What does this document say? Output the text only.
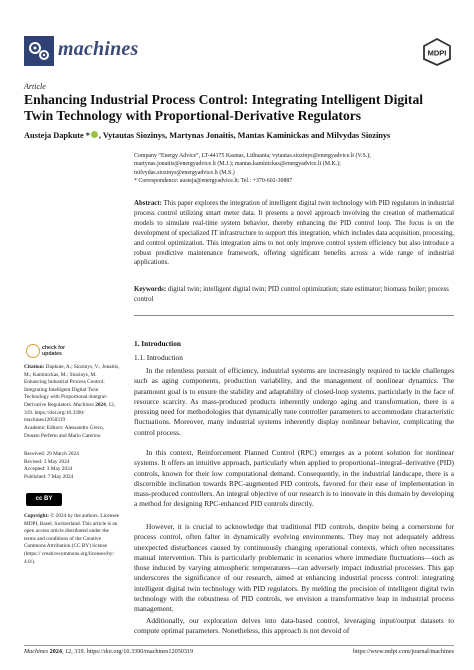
machines	MDPI
Article
Enhancing Industrial Process Control: Integrating Intelligent Digital Twin Technology with Proportional-Derivative Regulators
Austeja Dapkute * , Vytautas Siozinys, Martynas Jonaitis, Mantas Kaminickas and Milvydas Siozinys
Company “Energy Advice”, LT-44175 Kaunas, Lithuania; vytautas.siozinys@energyadvice.lt (V.S.);
martynas.jonaitis@energyadvice.lt (M.J.); mantas.kaminickas@energyadvice.lt (M.K.);
milvydas.siozinys@energyadvice.lt (M.S.)
* Correspondence: austeja@energyadvice.lt; Tel.: +370-602-30887
Abstract: This paper explores the integration of intelligent digital twin technology with PID regulators in industrial process control utilizing smart meter data. It presents a novel approach involving the creation of mathematical models to simulate real-time system behavior, thereby enhancing the PID control loop. The focus is on the development of specialized IT infrastructure to support this integration, which includes data acquisition, processing, and control optimization. This integration aims to not only improve control system efficiency but also introduce a robust predictive maintenance framework, offering significant benefits across a wide range of industrial applications.
Keywords: digital twin; intelligent digital twin; PID control optimization; state estimator; biomass boiler; process control
check for
updates
Citation: Dapkute, A.; Siozinys, V.; Jonaitis, M.; Kaminickas, M.; Siozinys, M. Enhancing Industrial Process Control: Integrating Intelligent Digital Twin Technology with Proportional-Integral-Derivative Regulators. Machines 2024, 12, 319. https://doi.org/10.3390/ machines12050319
Academic Editors: Alessandro Greco, Donato Perfetto and Mario Caterino
Received: 29 March 2024
Revised: 2 May 2024
Accepted: 3 May 2024
Published: 7 May 2024
cc BY
Copyright: © 2024 by the authors. Licensee MDPI, Basel, Switzerland. This article is an open access article distributed under the terms and conditions of the Creative Commons Attribution (CC BY) license (https:// creativecommons.org/licenses/by/ 4.0/).
1. Introduction
1.1. Introduction
In the relentless pursuit of efficiency, industrial systems are increasingly required to tackle challenges such as aging components, production variability, and the management of nonlinear dynamics. The paramount goal is to ensure the stability and adaptability of closed-loop systems, particularly in the face of resource scarcity. As mass-produced products inherently undergo aging and transformation, there is a pressing need for methodologies that dynamically tune controller parameters to accommodate characteristic fluctuations. Moreover, many industrial systems inherently display nonlinear behavior, complicating the control process.
In this context, Reinforcement Planned Control (RPC) emerges as a potent solution for nonlinear systems. It offers an intuitive approach, particularly when applied to proportional–integral–derivative (PID) controls, known for their low computational demand. Consequently, in the industrial landscape, there is a discernible inclination towards RPC-augmented PID controls, favored for their ease of implementation in mass-produced controllers. An integral objective of our research is to innovate in this domain by developing a method for designing RPC-enhanced PID controls directly.
However, it is crucial to acknowledge that traditional PID controls, despite being a cornerstone for process control, often falter in dynamically evolving environments. They may not adequately address unexpected disturbances caused by continuously changing operational contexts, which often necessitates manual intervention. This is particularly problematic in scenarios where immediate fluctuations—such as those induced by varying atmospheric temperatures—can adversely impact industrial processes. This gap underscores the significance of our research, aimed at enhancing industrial process control: integrating intelligent digital twin technology with PID regulators. By melding the precision of intelligent digital twin technology with the robustness of PID controls, we envision a transformative leap in industrial process management.
Additionally, our exploration delves into data-based control, leveraging input/output datasets to compute optimal parameters. Nonetheless, this approach is not devoid of
Machines 2024, 12, 319. https://doi.org/10.3390/machines12050319	https://www.mdpi.com/journal/machines
